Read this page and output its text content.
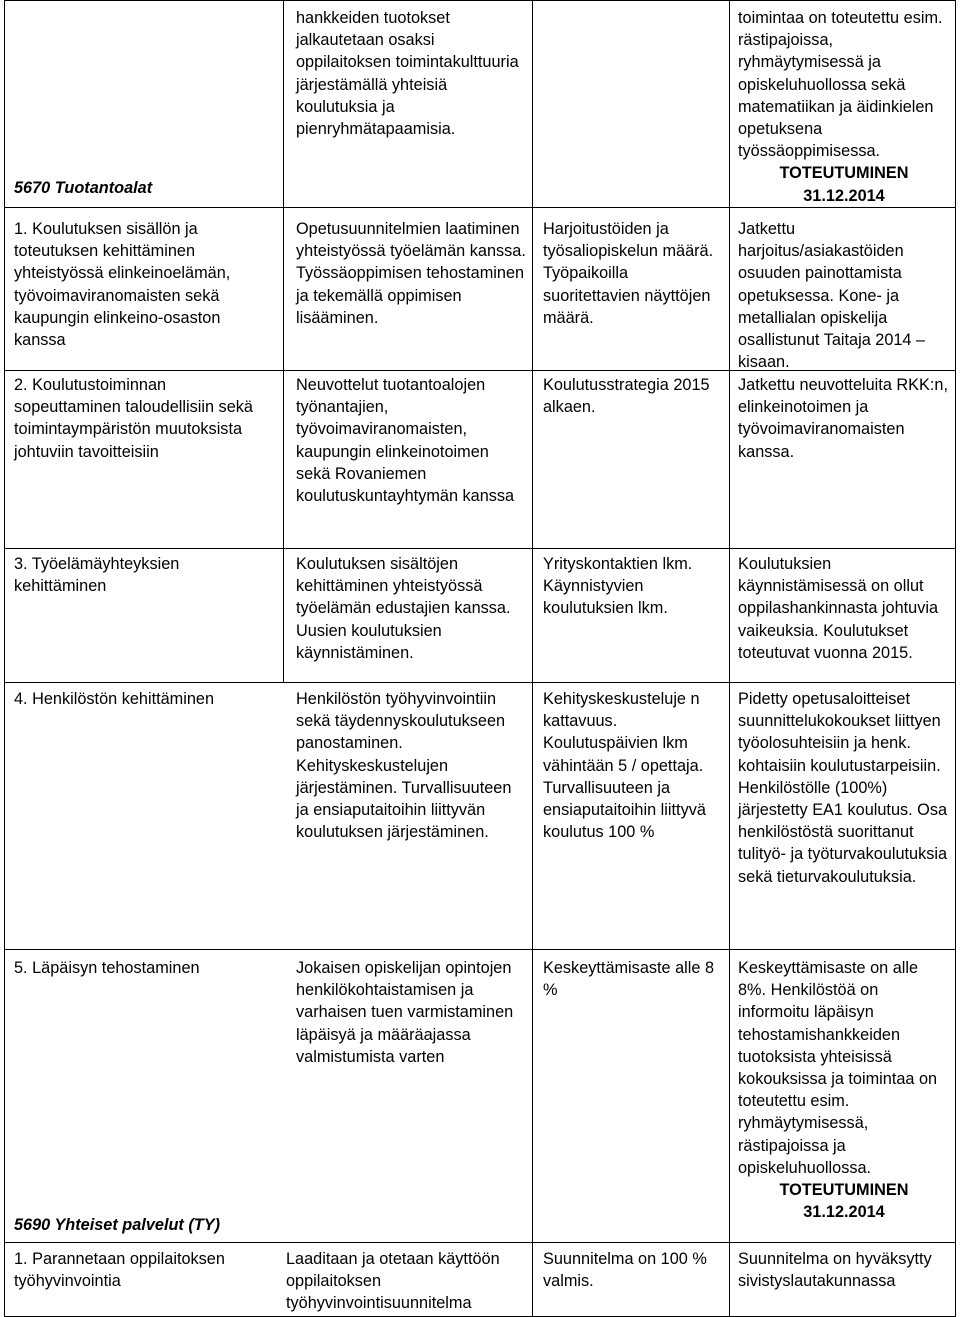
hankkeiden tuotokset jalkautetaan osaksi oppilaitoksen toimintakulttuuria järjestämällä yhteisiä koulutuksia ja pienryhmätapaamisia.
toimintaa on toteutettu esim. rästipajoissa, ryhmäytymisessä ja opiskeluhuollossa sekä matematiikan ja äidinkielen opetuksena työssäoppimisessa.
TOTEUTUMINEN
31.12.2014
5670 Tuotantoalat
1. Koulutuksen sisällön ja toteutuksen kehittäminen yhteistyössä elinkeinoelämän, työvoimaviranomaisten sekä kaupungin elinkeino-osaston kanssa
Opetusuunnitelmien laatiminen yhteistyössä työelämän kanssa. Työssäoppimisen tehostaminen ja tekemällä oppimisen lisääminen.
Harjoitustöiden ja työsaliopiskelun määrä. Työpaikoilla suoritettavien näyttöjen määrä.
Jatkettu harjoitus/asiakastöiden osuuden painottamista opetuksessa. Kone- ja metallialan opiskelija osallistunut Taitaja 2014 –kisaan.
2. Koulutustoiminnan sopeuttaminen taloudellisiin sekä toimintaympäristön muutoksista johtuviin tavoitteisiin
Neuvottelut tuotantoalojen työnantajien, työvoimaviranomaisten, kaupungin elinkeinotoimen sekä Rovaniemen koulutuskuntayhtymän kanssa
Koulutusstrategia 2015 alkaen.
Jatkettu neuvotteluita RKK:n, elinkeinotoimen ja työvoimaviranomaisten kanssa.
3. Työelämäyhteyksien kehittäminen
Koulutuksen sisältöjen kehittäminen yhteistyössä työelämän edustajien kanssa. Uusien koulutuksien käynnistäminen.
Yrityskontaktien lkm. Käynnistyvien koulutuksien lkm.
Koulutuksien käynnistämisessä on ollut oppilashankinnasta johtuvia vaikeuksia. Koulutukset toteutuvat vuonna 2015.
4. Henkilöstön kehittäminen	Henkilöstön työhyvinvointiin sekä täydennyskoulutukseen panostaminen. Kehityskeskustelujen järjestäminen. Turvallisuuteen ja ensiaputaitoihin liittyvän koulutuksen järjestäminen.
Kehityskeskusteluje n kattavuus. Koulutuspäivien lkm vähintään 5 / opettaja. Turvallisuuteen ja ensiaputaitoihin liittyvä koulutus 100 %
Pidetty opetusaloitteiset suunnittelukokoukset liittyen työolosuhteisiin ja henk. kohtaisiin koulutustarpeisiin. Henkilöstölle (100%) järjestetty EA1 koulutus. Osa henkilöstöstä suorittanut tulityö- ja työturvakoulutuksia sekä tieturvakoulutuksia.
5. Läpäisyn tehostaminen	Jokaisen opiskelijan opintojen henkilökohtaistamisen ja varhaisen tuen varmistaminen läpäisyä ja määräajassa valmistumista varten
Keskeyttämisaste alle 8 %
Keskeyttämisaste on alle 8%. Henkilöstöä on informoitu läpäisyn tehostamishankkeiden tuotoksista yhteisissä kokouksissa ja toimintaa on toteutettu esim. ryhmäytymisessä, rästipajoissa ja opiskeluhuollossa.
TOTEUTUMINEN
31.12.2014
5690 Yhteiset palvelut (TY)
1. Parannetaan oppilaitoksen työhyvinvointia
Laaditaan ja otetaan käyttöön oppilaitoksen työhyvinvointisuunnitelma
Suunnitelma on 100 % valmis.
Suunnitelma on hyväksytty sivistyslautakunnassa
